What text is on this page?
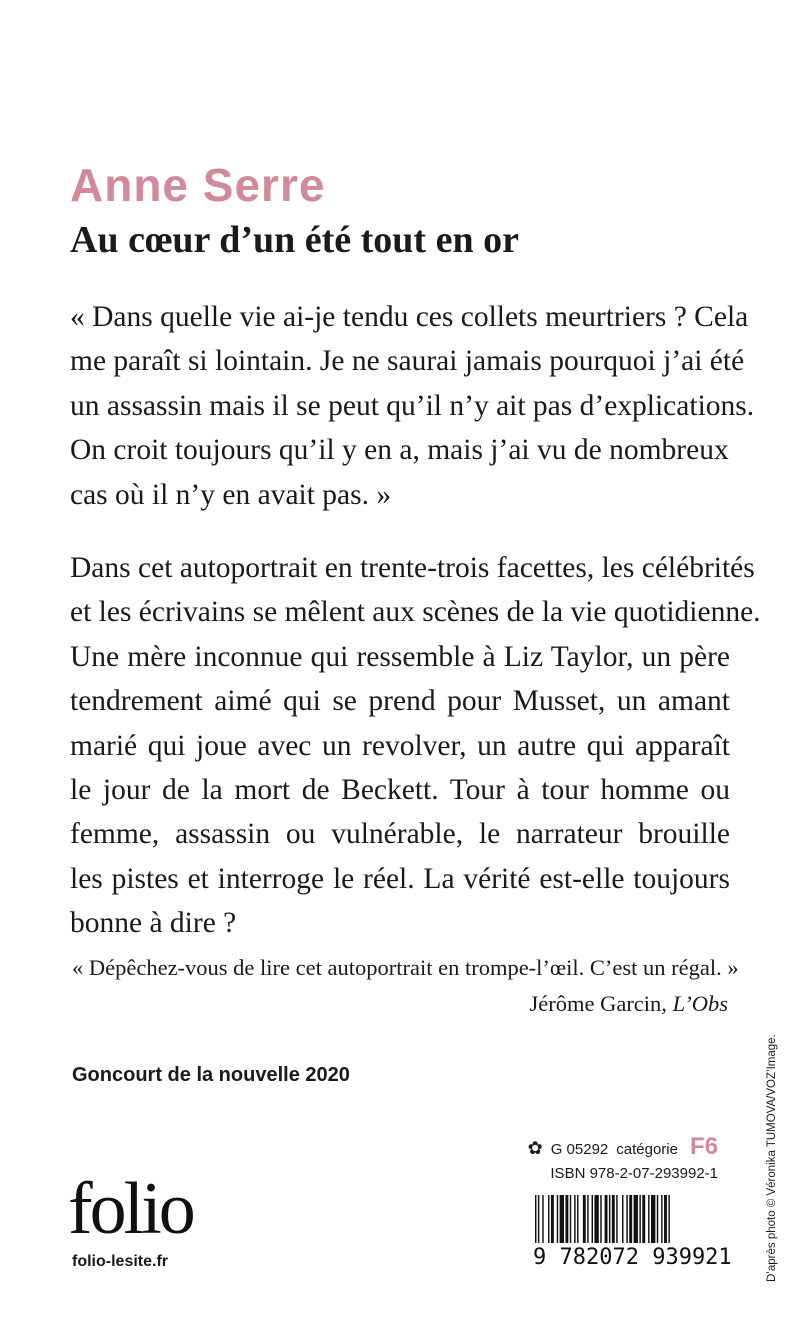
Anne Serre
Au cœur d’un été tout en or
« Dans quelle vie ai-je tendu ces collets meurtriers ? Cela
me paraît si lointain. Je ne saurai jamais pourquoi j’ai été
un assassin mais il se peut qu’il n’y ait pas d’explications.
On croit toujours qu’il y en a, mais j’ai vu de nombreux
cas où il n’y en avait pas. »
Dans cet autoportrait en trente-trois facettes, les célébrités
et les écrivains se mêlent aux scènes de la vie quotidienne.
Une mère inconnue qui ressemble à Liz Taylor, un père
tendrement aimé qui se prend pour Musset, un amant
marié qui joue avec un revolver, un autre qui apparaît
le jour de la mort de Beckett. Tour à tour homme ou
femme, assassin ou vulnérable, le narrateur brouille
les pistes et interroge le réel. La vérité est-elle toujours
bonne à dire ?

« Dépêchez-vous de lire cet autoportrait en trompe-l’œil. C’est un régal. »

Jérôme Garcin, L’Obs

Goncourt de la nouvelle 2020

folio
folio-lesite.fr
✿ G 05292 catégorie F6
ISBN 978-2-07-293992-1
9 782072 939921	D’après photo © Véronika TUMOVA/VOZ’Image.
